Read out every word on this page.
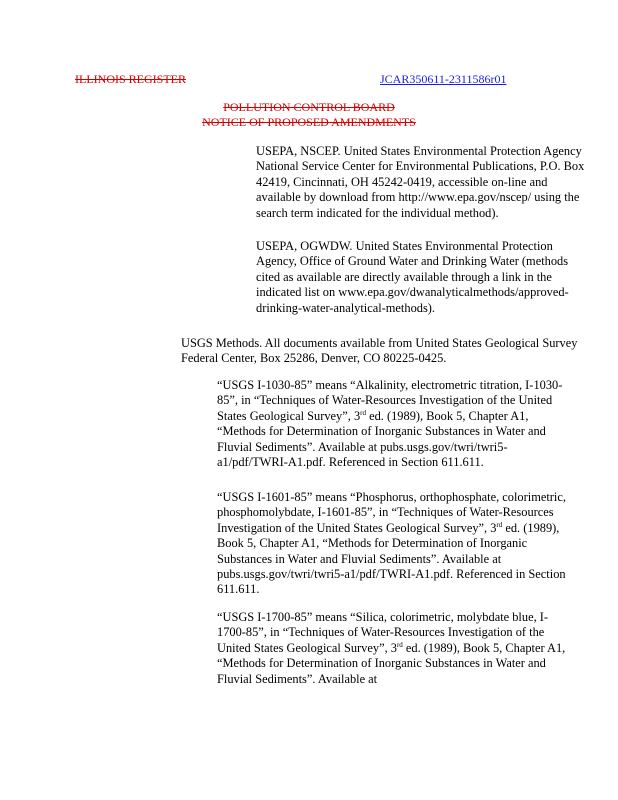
ILLINOIS REGISTER	JCAR350611-2311586r01
POLLUTION CONTROL BOARD
NOTICE OF PROPOSED AMENDMENTS
USEPA, NSCEP. United States Environmental Protection Agency National Service Center for Environmental Publications, P.O. Box 42419, Cincinnati, OH 45242-0419, accessible on-line and available by download from http://www.epa.gov/nscep/ using the search term indicated for the individual method).
USEPA, OGWDW. United States Environmental Protection Agency, Office of Ground Water and Drinking Water (methods cited as available are directly available through a link in the indicated list on www.epa.gov/dwanalyticalmethods/approved-drinking-water-analytical-methods).
USGS Methods. All documents available from United States Geological Survey Federal Center, Box 25286, Denver, CO 80225-0425.
“USGS I-1030-85” means “Alkalinity, electrometric titration, I-1030-85”, in “Techniques of Water-Resources Investigation of the United States Geological Survey”, 3rd ed. (1989), Book 5, Chapter A1, “Methods for Determination of Inorganic Substances in Water and Fluvial Sediments”. Available at pubs.usgs.gov/twri/twri5-a1/pdf/TWRI-A1.pdf. Referenced in Section 611.611.
“USGS I-1601-85” means “Phosphorus, orthophosphate, colorimetric, phosphomolybdate, I-1601-85”, in “Techniques of Water-Resources Investigation of the United States Geological Survey”, 3rd ed. (1989), Book 5, Chapter A1, “Methods for Determination of Inorganic Substances in Water and Fluvial Sediments”. Available at pubs.usgs.gov/twri/twri5-a1/pdf/TWRI-A1.pdf. Referenced in Section 611.611.
“USGS I-1700-85” means “Silica, colorimetric, molybdate blue, I-1700-85”, in “Techniques of Water-Resources Investigation of the United States Geological Survey”, 3rd ed. (1989), Book 5, Chapter A1, “Methods for Determination of Inorganic Substances in Water and Fluvial Sediments”. Available at
